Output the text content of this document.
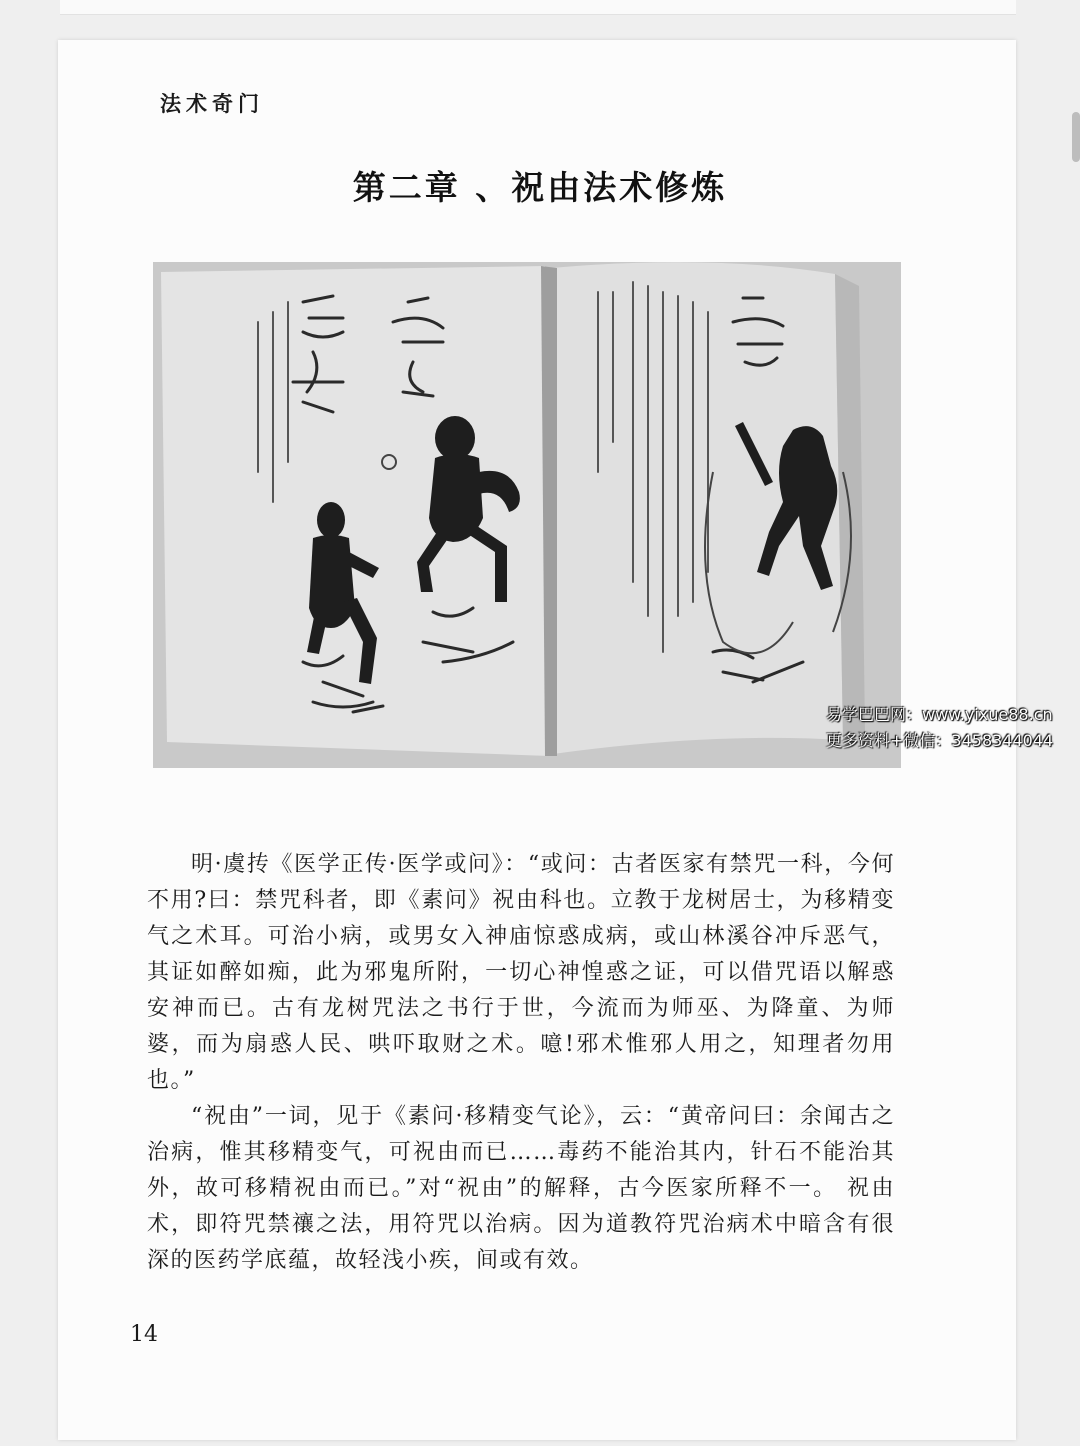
法术奇门
第二章 、祝由法术修炼
易学巴巴网：www.yixue88.cn
更多资料+微信：3458344044

明·虞抟《医学正传·医学或问》：“或问：古者医家有禁咒一科，今何不用?曰：禁咒科者，即《素问》祝由科也。立教于龙树居士，为移精变气之术耳。可治小病，或男女入神庙惊惑成病，或山林溪谷冲斥恶气，其证如醉如痴，此为邪鬼所附，一切心神惶惑之证，可以借咒语以解惑安神而已。古有龙树咒法之书行于世，今流而为师巫、为降童、为师婆，而为扇惑人民、哄吓取财之术。噫!邪术惟邪人用之，知理者勿用也。”

“祝由”一词，见于《素问·移精变气论》，云：“黄帝问曰：余闻古之治病，惟其移精变气，可祝由而已……毒药不能治其内，针石不能治其外，故可移精祝由而已。”对“祝由”的解释，古今医家所释不一。 祝由术，即符咒禁禳之法，用符咒以治病。因为道教符咒治病术中暗含有很深的医药学底蕴，故轻浅小疾，间或有效。

14
